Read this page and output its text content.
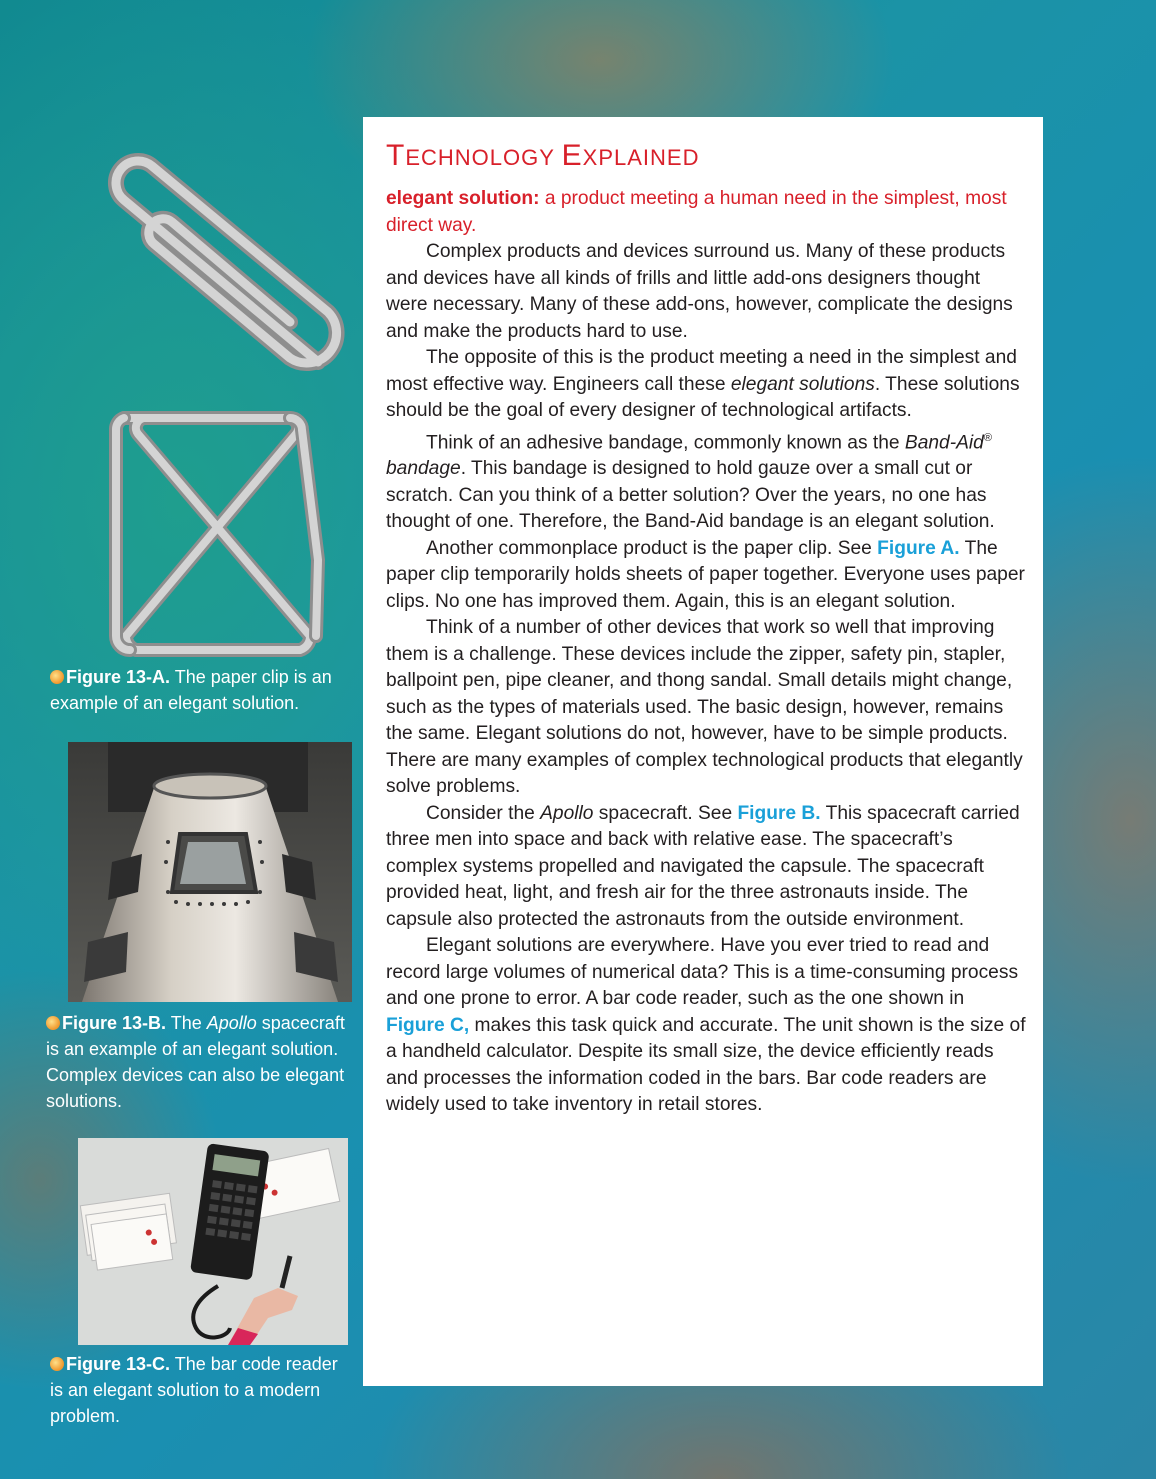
Figure 13-A. The paper clip is an example of an elegant solution.
Figure 13-B. The Apollo spacecraft is an example of an elegant solution. Complex devices can also be elegant solutions.
Figure 13-C. The bar code reader is an elegant solution to a modern problem.
TECHNOLOGY EXPLAINED

elegant solution: a product meeting a human need in the simplest, most direct way.

Complex products and devices surround us. Many of these products and devices have all kinds of frills and little add-ons designers thought were necessary. Many of these add-ons, however, complicate the designs and make the products hard to use.

The opposite of this is the product meeting a need in the simplest and most effective way. Engineers call these elegant solutions. These solutions should be the goal of every designer of technological artifacts.

Think of an adhesive bandage, commonly known as the Band-Aid® bandage. This bandage is designed to hold gauze over a small cut or scratch. Can you think of a better solution? Over the years, no one has thought of one. Therefore, the Band-Aid bandage is an elegant solution.

Another commonplace product is the paper clip. See Figure A. The paper clip temporarily holds sheets of paper together. Everyone uses paper clips. No one has improved them. Again, this is an elegant solution.

Think of a number of other devices that work so well that improving them is a challenge. These devices include the zipper, safety pin, stapler, ballpoint pen, pipe cleaner, and thong sandal. Small details might change, such as the types of materials used. The basic design, however, remains the same. Elegant solutions do not, however, have to be simple products. There are many examples of complex technological products that elegantly solve problems.

Consider the Apollo spacecraft. See Figure B. This spacecraft carried three men into space and back with relative ease. The spacecraft’s complex systems propelled and navigated the capsule. The spacecraft provided heat, light, and fresh air for the three astronauts inside. The capsule also protected the astronauts from the outside environment.

Elegant solutions are everywhere. Have you ever tried to read and record large volumes of numerical data? This is a time-consuming process and one prone to error. A bar code reader, such as the one shown in Figure C, makes this task quick and accurate. The unit shown is the size of a handheld calculator. Despite its small size, the device efficiently reads and processes the information coded in the bars. Bar code readers are widely used to take inventory in retail stores.
